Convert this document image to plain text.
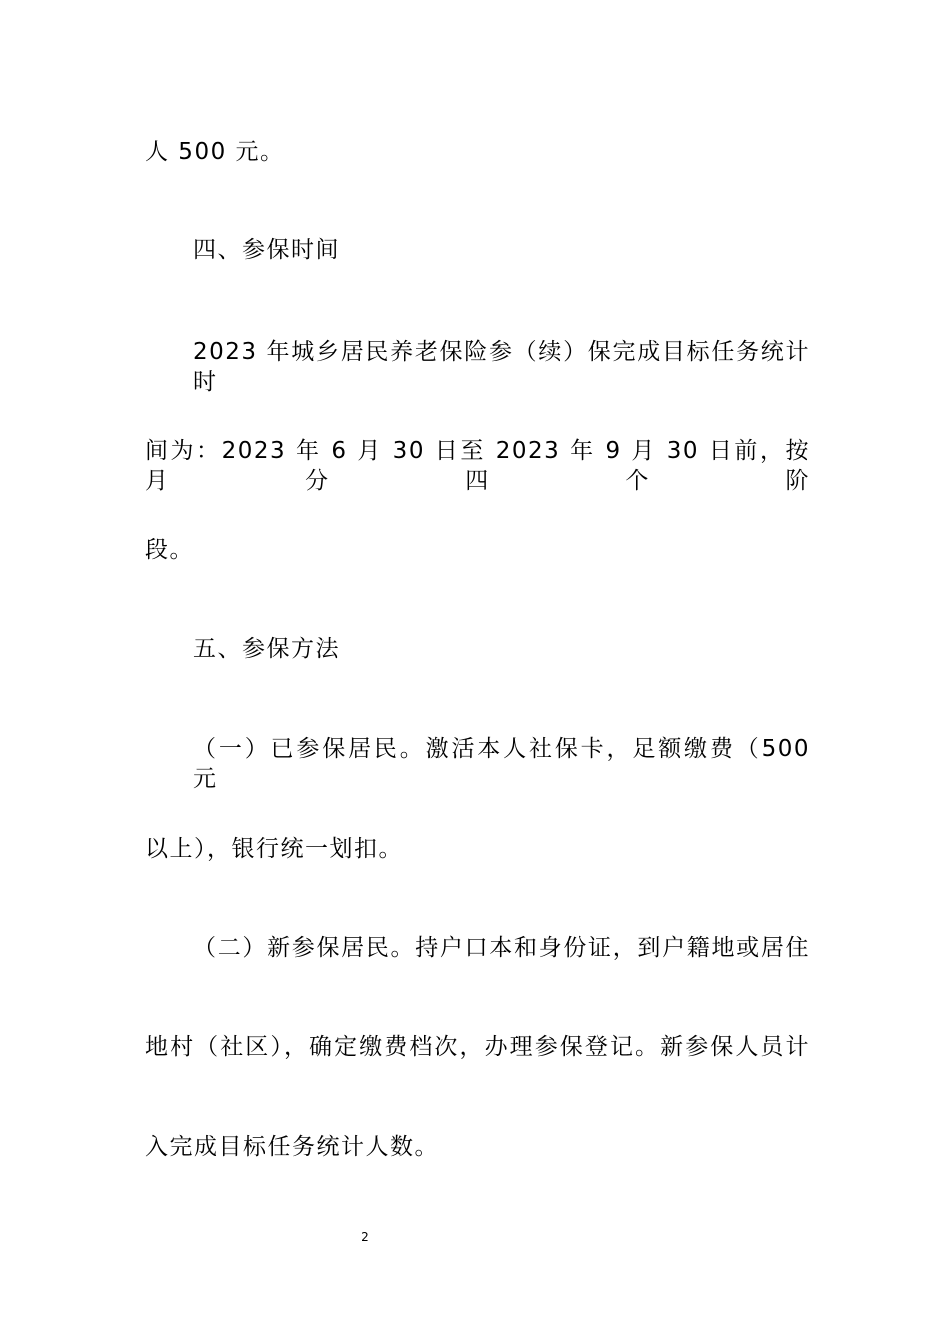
人 500 元。
四、参保时间
2023 年城乡居民养老保险参（续）保完成目标任务统计时
间为：2023 年 6 月 30 日至 2023 年 9 月 30 日前，按月分四个阶
段。
五、参保方法
（一）已参保居民。激活本人社保卡，足额缴费（500 元
以上），银行统一划扣。
（二）新参保居民。持户口本和身份证，到户籍地或居住
地村（社区），确定缴费档次，办理参保登记。新参保人员计
入完成目标任务统计人数。
2
